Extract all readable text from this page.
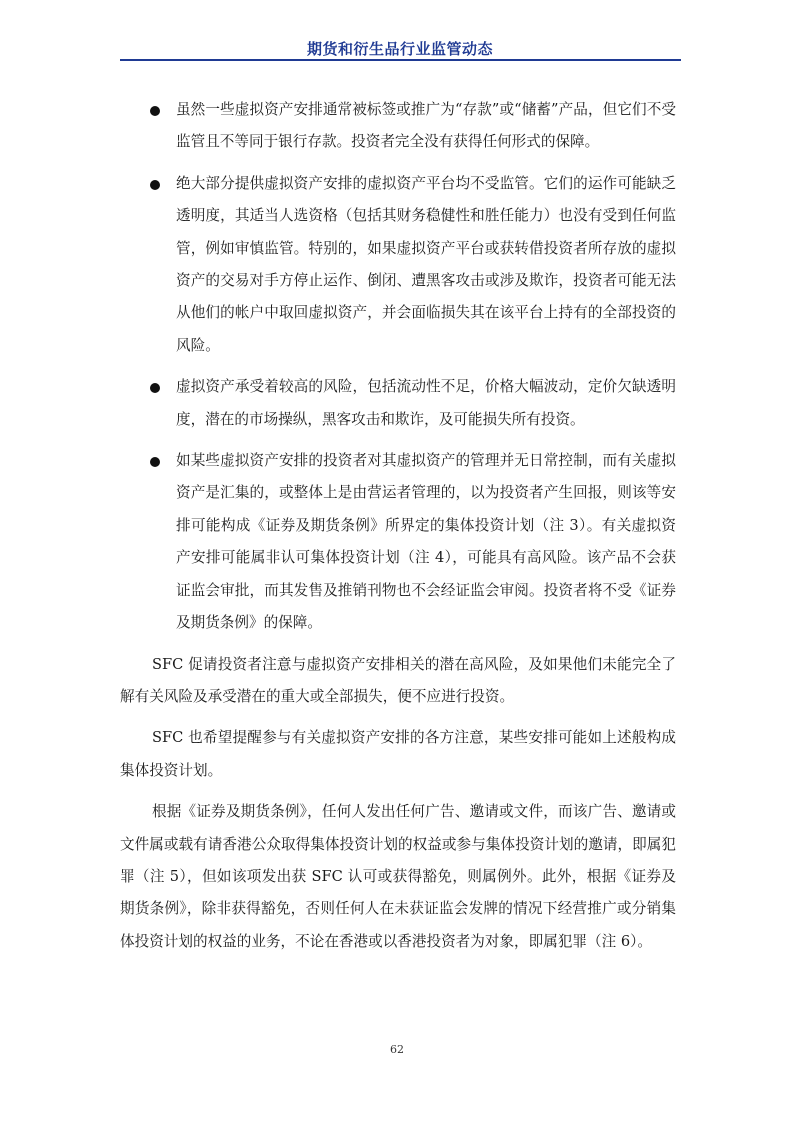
期货和衍生品行业监管动态
虽然一些虚拟资产安排通常被标签或推广为“存款”或“储蓄”产品，但它们不受监管且不等同于银行存款。投资者完全没有获得任何形式的保障。
绝大部分提供虚拟资产安排的虚拟资产平台均不受监管。它们的运作可能缺乏透明度，其适当人选资格（包括其财务稳健性和胜任能力）也没有受到任何监管，例如审慎监管。特别的，如果虚拟资产平台或获转借投资者所存放的虚拟资产的交易对手方停止运作、倒闭、遭黑客攻击或涉及欺诈，投资者可能无法从他们的帐户中取回虚拟资产，并会面临损失其在该平台上持有的全部投资的风险。
虚拟资产承受着较高的风险，包括流动性不足，价格大幅波动，定价欠缺透明度，潜在的市场操纵，黑客攻击和欺诈，及可能损失所有投资。
如某些虚拟资产安排的投资者对其虚拟资产的管理并无日常控制，而有关虚拟资产是汇集的，或整体上是由营运者管理的，以为投资者产生回报，则该等安排可能构成《证券及期货条例》所界定的集体投资计划（注 3）。有关虚拟资产安排可能属非认可集体投资计划（注 4），可能具有高风险。该产品不会获证监会审批，而其发售及推销刊物也不会经证监会审阅。投资者将不受《证券及期货条例》的保障。

SFC 促请投资者注意与虚拟资产安排相关的潜在高风险，及如果他们未能完全了解有关风险及承受潜在的重大或全部损失，便不应进行投资。

SFC 也希望提醒参与有关虚拟资产安排的各方注意，某些安排可能如上述般构成集体投资计划。

根据《证券及期货条例》，任何人发出任何广告、邀请或文件，而该广告、邀请或文件属或载有请香港公众取得集体投资计划的权益或参与集体投资计划的邀请，即属犯罪（注 5），但如该项发出获 SFC 认可或获得豁免，则属例外。此外，根据《证券及期货条例》，除非获得豁免，否则任何人在未获证监会发牌的情况下经营推广或分销集体投资计划的权益的业务，不论在香港或以香港投资者为对象，即属犯罪（注 6）。

62
